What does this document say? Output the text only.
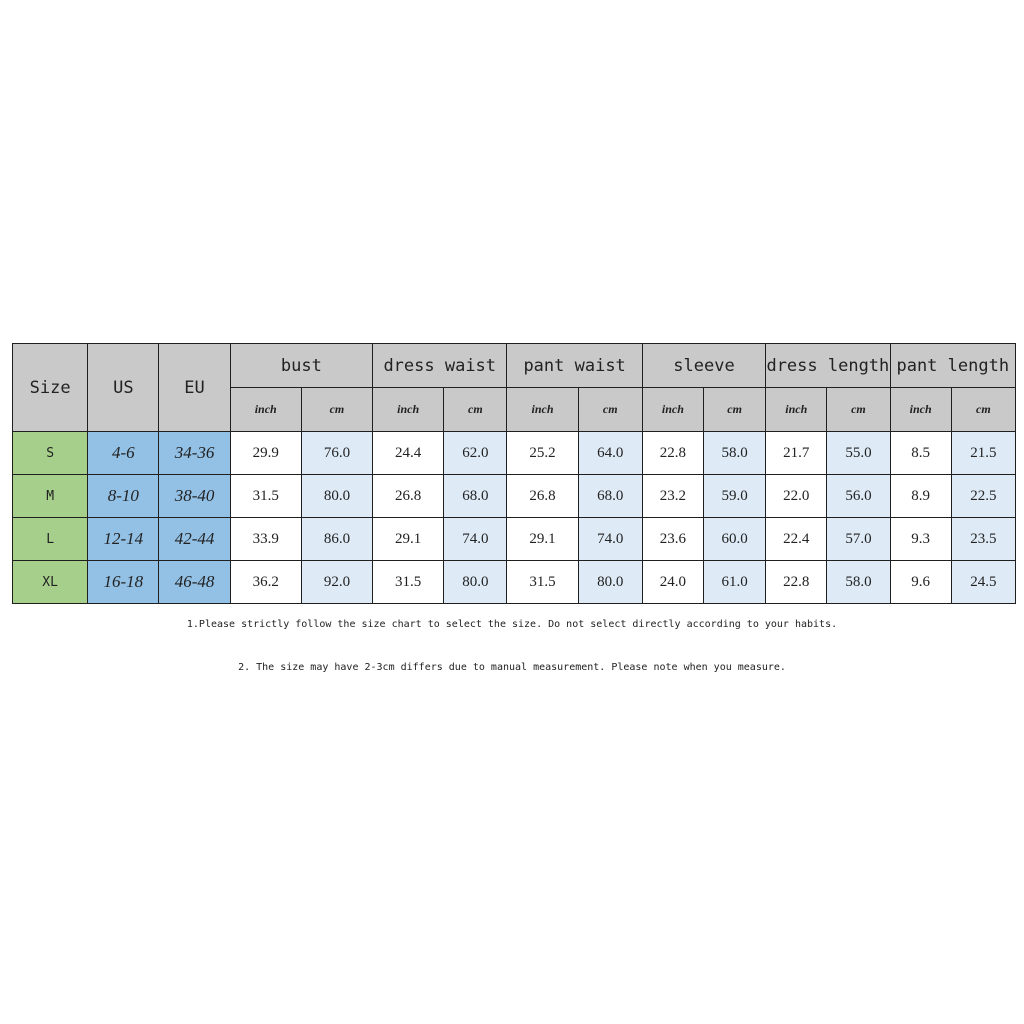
Size	US	EU	bust		dress waist		pant waist		sleeve		dress length		pant length	
			inch	cm	inch	cm	inch	cm	inch	cm	inch	cm	inch	cm
S	4-6	34-36	29.9	76.0	24.4	62.0	25.2	64.0	22.8	58.0	21.7	55.0	8.5	21.5
M	8-10	38-40	31.5	80.0	26.8	68.0	26.8	68.0	23.2	59.0	22.0	56.0	8.9	22.5
L	12-14	42-44	33.9	86.0	29.1	74.0	29.1	74.0	23.6	60.0	22.4	57.0	9.3	23.5
XL	16-18	46-48	36.2	92.0	31.5	80.0	31.5	80.0	24.0	61.0	22.8	58.0	9.6	24.5
1.Please strictly follow the size chart to select the size. Do not select directly according to your habits.
2. The size may have 2-3cm differs due to manual measurement. Please note when you measure.
